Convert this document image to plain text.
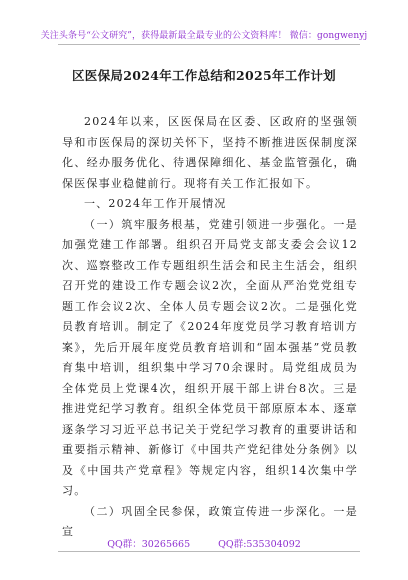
关注头条号“公文研究”，获得最新最全最专业的公文资料库！ 微信：gongwenyj
区医保局2024年工作总结和2025年工作计划

2024年以来，区医保局在区委、区政府的坚强领导和市医保局的深切关怀下，坚持不断推进医保制度深化、经办服务优化、待遇保障细化、基金监管强化，确保医保事业稳健前行。现将有关工作汇报如下。

一、2024年工作开展情况

（一）筑牢服务根基，党建引领进一步强化。一是加强党建工作部署。组织召开局党支部支委会会议12次、巡察整改工作专题组织生活会和民主生活会，组织召开党的建设工作专题会议2次，全面从严治党党组专题工作会议2次、全体人员专题会议2次。二是强化党员教育培训。制定了《2024年度党员学习教育培训方案》，先后开展年度党员教育培训和“固本强基”党员教育集中培训，组织集中学习70余课时。局党组成员为全体党员上党课4次，组织开展干部上讲台8次。三是推进党纪学习教育。组织全体党员干部原原本本、逐章逐条学习习近平总书记关于党纪学习教育的重要讲话和重要指示精神、新修订《中国共产党纪律处分条例》以及《中国共产党章程》等规定内容，组织14次集中学习。

（二）巩固全民参保，政策宣传进一步深化。一是宣

QQ群：30265665	QQ群:535304092
